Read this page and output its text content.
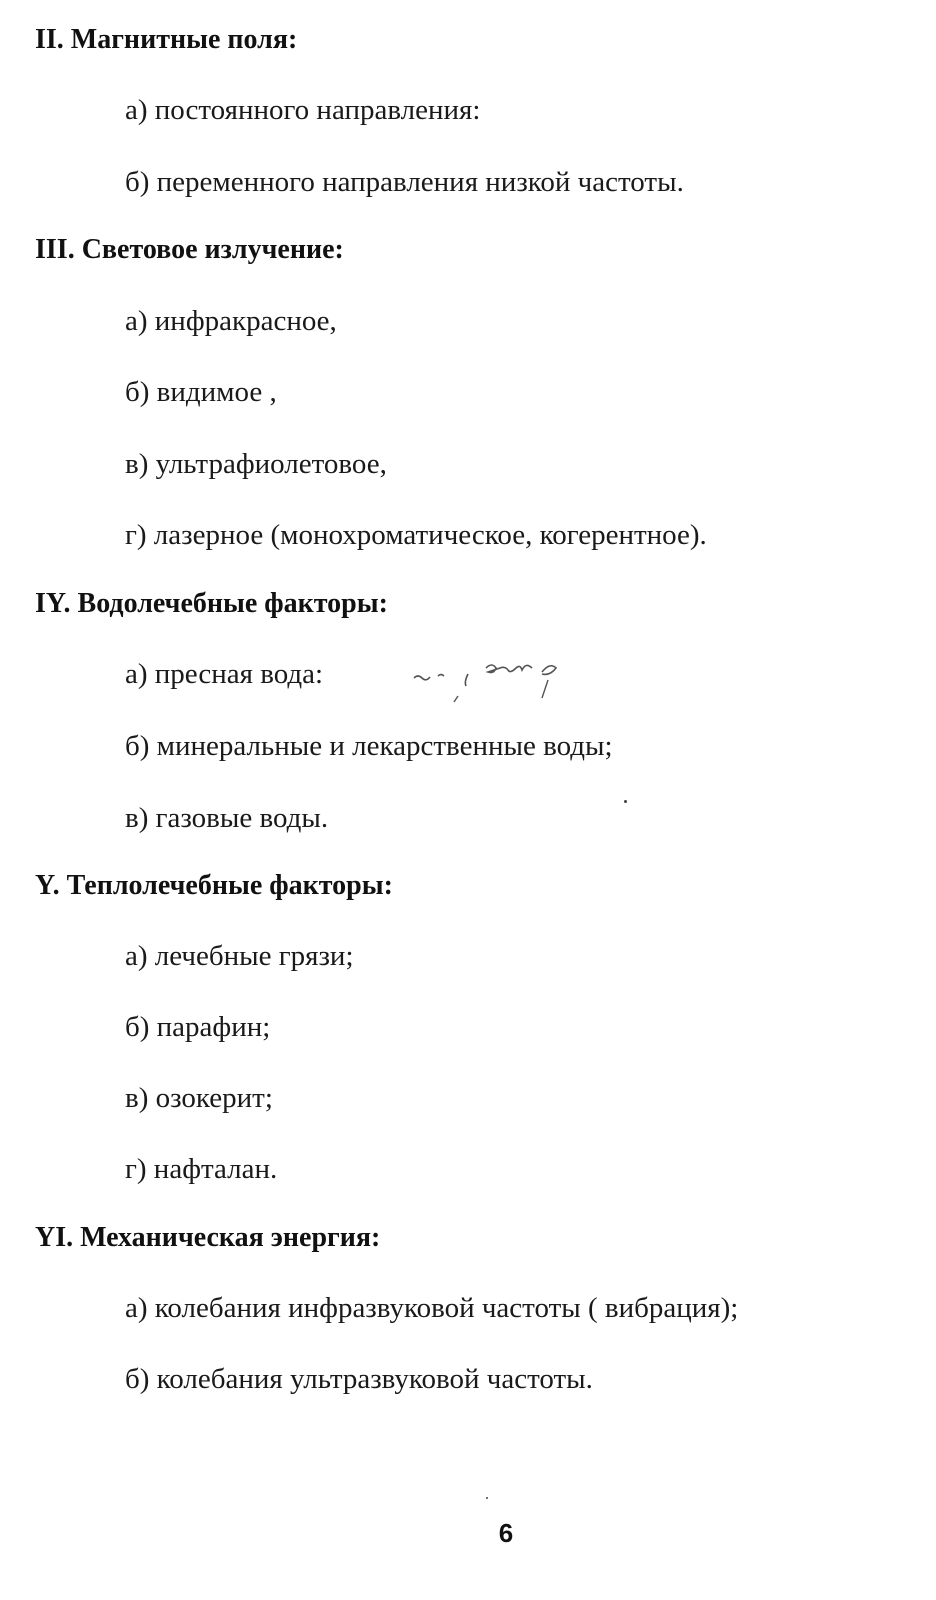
II. Магнитные поля:
а) постоянного направления:
б) переменного направления низкой частоты.
III. Световое излучение:
а) инфракрасное,
б) видимое ,
в) ультрафиолетовое,
г) лазерное (монохроматическое, когерентное).
IY. Водолечебные факторы:
а) пресная вода:
б) минеральные и лекарственные воды;
в) газовые воды.
Y. Теплолечебные факторы:
а) лечебные грязи;
б) парафин;
в) озокерит;
г) нафталан.
YI. Механическая энергия:
а) колебания инфразвуковой частоты ( вибрация);
б) колебания ультразвуковой частоты.
6
